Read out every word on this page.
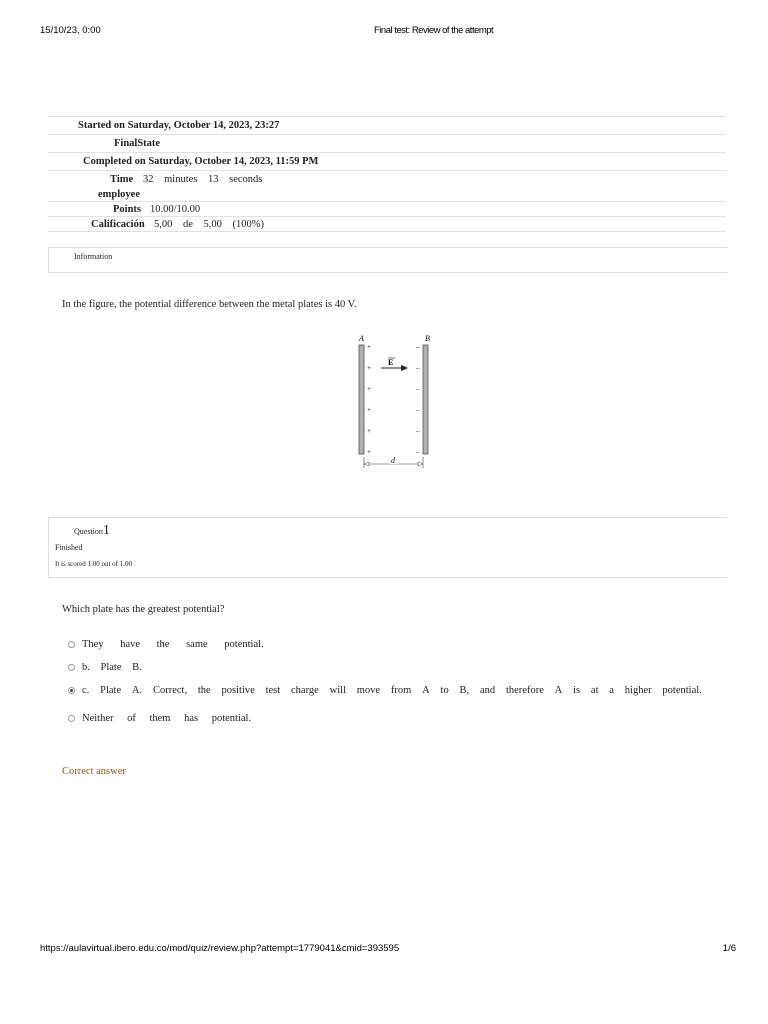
15/10/23, 0:00	Final test: Review of the attempt
Started on Saturday, October 14, 2023, 23:27
FinalState
Completed on Saturday, October 14, 2023, 11:59 PM
Time 32 minutes 13 seconds
employee
Points 10.00/10.00
Calificación 5,00 de 5,00 (100%)
Information
In the figure, the potential difference between the metal plates is 40 V.
A	B
+
+
+
+
+
+
–
–
–
–
–
–
E
d
Question1
Finished
It is scored 1.00 out of 1.00
Which plate has the greatest potential?
They have the same potential.
b. Plate B.
c. Plate A. Correct, the positive test charge will move from A to B, and therefore A is at a higher potential.
Neither of them has potential.
Correct answer
https://aulavirtual.ibero.edu.co/mod/quiz/review.php?attempt=1779041&cmid=393595	1/6
